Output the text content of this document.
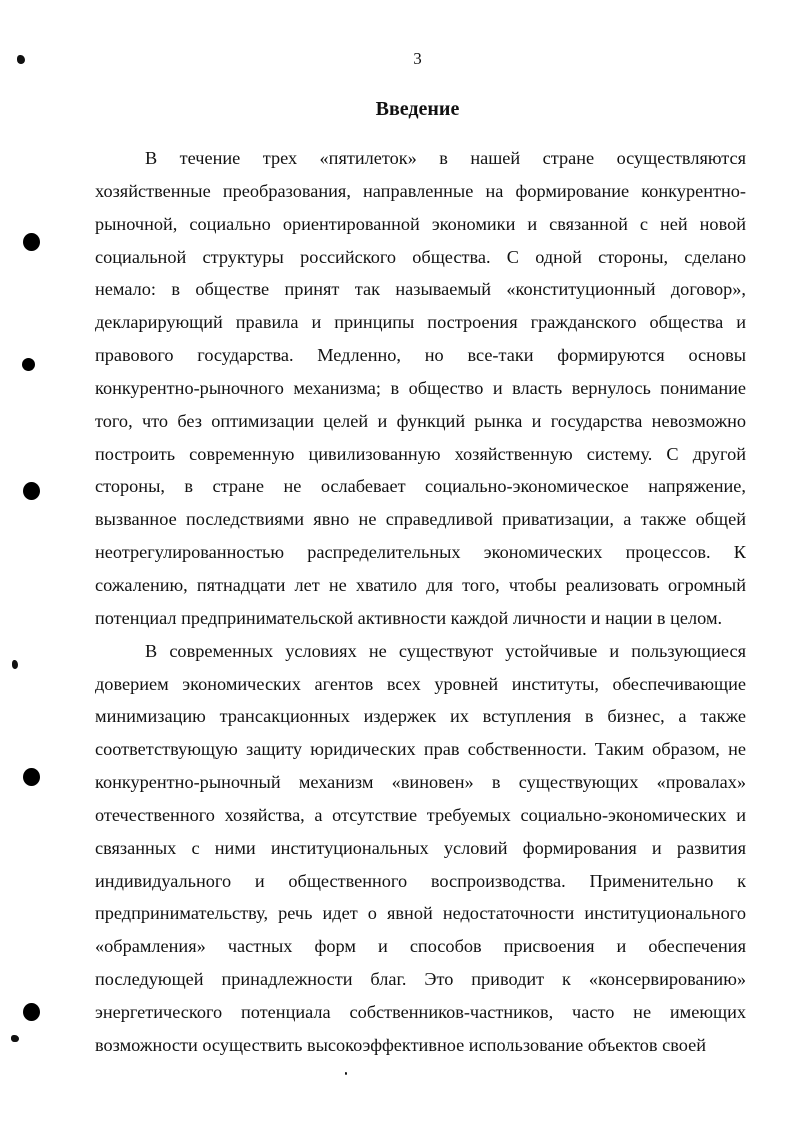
3
Введение
В течение трех «пятилеток» в нашей стране осуществляются
хозяйственные преобразования, направленные на формирование конкурентно-
рыночной, социально ориентированной экономики и связанной с ней новой
социальной структуры российского общества. С одной стороны, сделано
немало: в обществе принят так называемый «конституционный договор»,
декларирующий правила и принципы построения гражданского общества и
правового государства. Медленно, но все-таки формируются основы
конкурентно-рыночного механизма; в общество и власть вернулось понимание
того, что без оптимизации целей и функций рынка и государства невозможно
построить современную цивилизованную хозяйственную систему. С другой
стороны, в стране не ослабевает социально-экономическое напряжение,
вызванное последствиями явно не справедливой приватизации, а также общей
неотрегулированностью распределительных экономических процессов. К
сожалению, пятнадцати лет не хватило для того, чтобы реализовать огромный
потенциал предпринимательской активности каждой личности и нации в целом.
В современных условиях не существуют устойчивые и пользующиеся
доверием экономических агентов всех уровней институты, обеспечивающие
минимизацию трансакционных издержек их вступления в бизнес, а также
соответствующую защиту юридических прав собственности. Таким образом, не
конкурентно-рыночный механизм «виновен» в существующих «провалах»
отечественного хозяйства, а отсутствие требуемых социально-экономических и
связанных с ними институциональных условий формирования и развития
индивидуального и общественного воспроизводства. Применительно к
предпринимательству, речь идет о явной недостаточности институционального
«обрамления» частных форм и способов присвоения и обеспечения
последующей принадлежности благ. Это приводит к «консервированию»
энергетического потенциала собственников-частников, часто не имеющих
возможности осуществить высокоэффективное использование объектов своей
